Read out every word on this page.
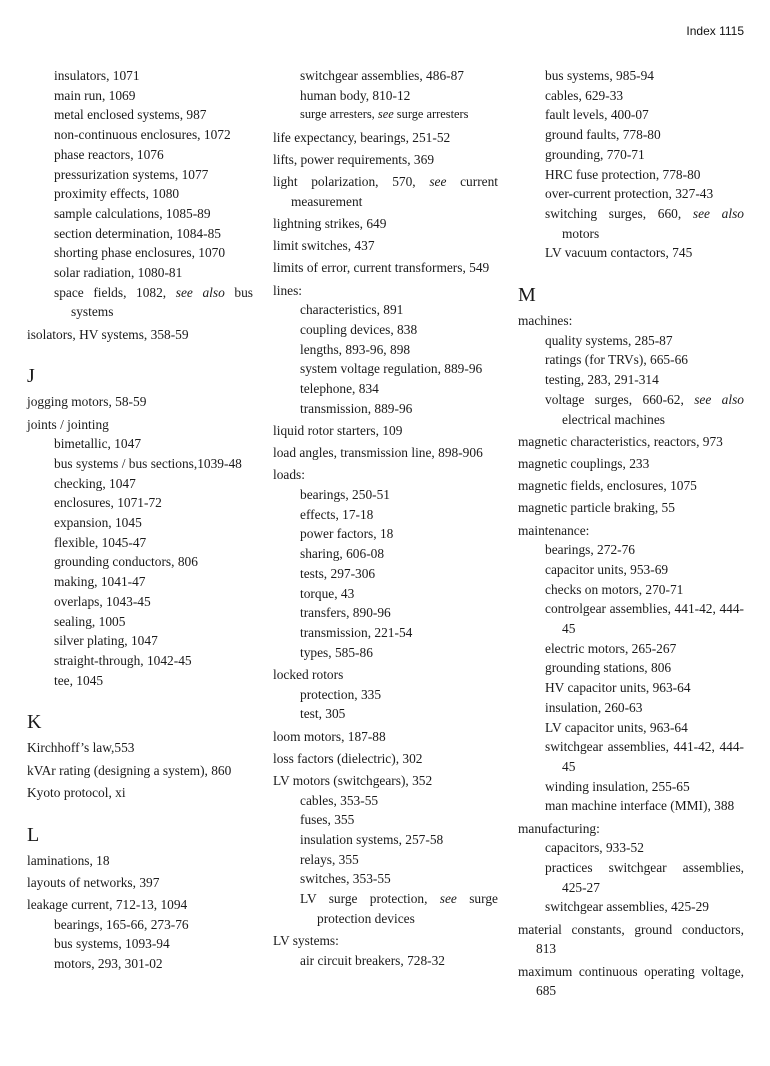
Index 1115
insulators, 1071
main run, 1069
metal enclosed systems, 987
non-continuous enclosures, 1072
phase reactors, 1076
pressurization systems, 1077
proximity effects, 1080
sample calculations, 1085-89
section determination, 1084-85
shorting phase enclosures, 1070
solar radiation, 1080-81
space fields, 1082, see also bus systems
isolators, HV systems, 358-59
J
jogging motors, 58-59
joints / jointing
bimetallic, 1047
bus systems / bus sections,1039-48
checking, 1047
enclosures, 1071-72
expansion, 1045
flexible, 1045-47
grounding conductors, 806
making, 1041-47
overlaps, 1043-45
sealing, 1005
silver plating, 1047
straight-through, 1042-45
tee, 1045
K
Kirchhoff’s law,553
kVAr rating (designing a system), 860
Kyoto protocol, xi
L
laminations, 18
layouts of networks, 397
leakage current, 712-13, 1094
bearings, 165-66, 273-76
bus systems, 1093-94
motors, 293, 301-02
switchgear assemblies, 486-87
human body, 810-12
surge arresters, see surge arresters
life expectancy, bearings, 251-52
lifts, power requirements, 369
light polarization, 570, see current measurement
lightning strikes, 649
limit switches, 437
limits of error, current transformers, 549
lines:
characteristics, 891
coupling devices, 838
lengths, 893-96, 898
system voltage regulation, 889-96
telephone, 834
transmission, 889-96
liquid rotor starters, 109
load angles, transmission line, 898-906
loads:
bearings, 250-51
effects, 17-18
power factors, 18
sharing, 606-08
tests, 297-306
torque, 43
transfers, 890-96
transmission, 221-54
types, 585-86
locked rotors
protection, 335
test, 305
loom motors, 187-88
loss factors (dielectric), 302
LV motors (switchgears), 352
cables, 353-55
fuses, 355
insulation systems, 257-58
relays, 355
switches, 353-55
LV surge protection, see surge protection devices
LV systems:
air circuit breakers, 728-32
bus systems, 985-94
cables, 629-33
fault levels, 400-07
ground faults, 778-80
grounding, 770-71
HRC fuse protection, 778-80
over-current protection, 327-43
switching surges, 660, see also motors
LV vacuum contactors, 745
M
machines:
quality systems, 285-87
ratings (for TRVs), 665-66
testing, 283, 291-314
voltage surges, 660-62, see also electrical machines
magnetic characteristics, reactors, 973
magnetic couplings, 233
magnetic fields, enclosures, 1075
magnetic particle braking, 55
maintenance:
bearings, 272-76
capacitor units, 953-69
checks on motors, 270-71
controlgear assemblies, 441-42, 444-45
electric motors, 265-267
grounding stations, 806
HV capacitor units, 963-64
insulation, 260-63
LV capacitor units, 963-64
switchgear assemblies, 441-42, 444-45
winding insulation, 255-65
man machine interface (MMI), 388
manufacturing:
capacitors, 933-52
practices switchgear assemblies, 425-27
switchgear assemblies, 425-29
material constants, ground conductors, 813
maximum continuous operating voltage, 685
